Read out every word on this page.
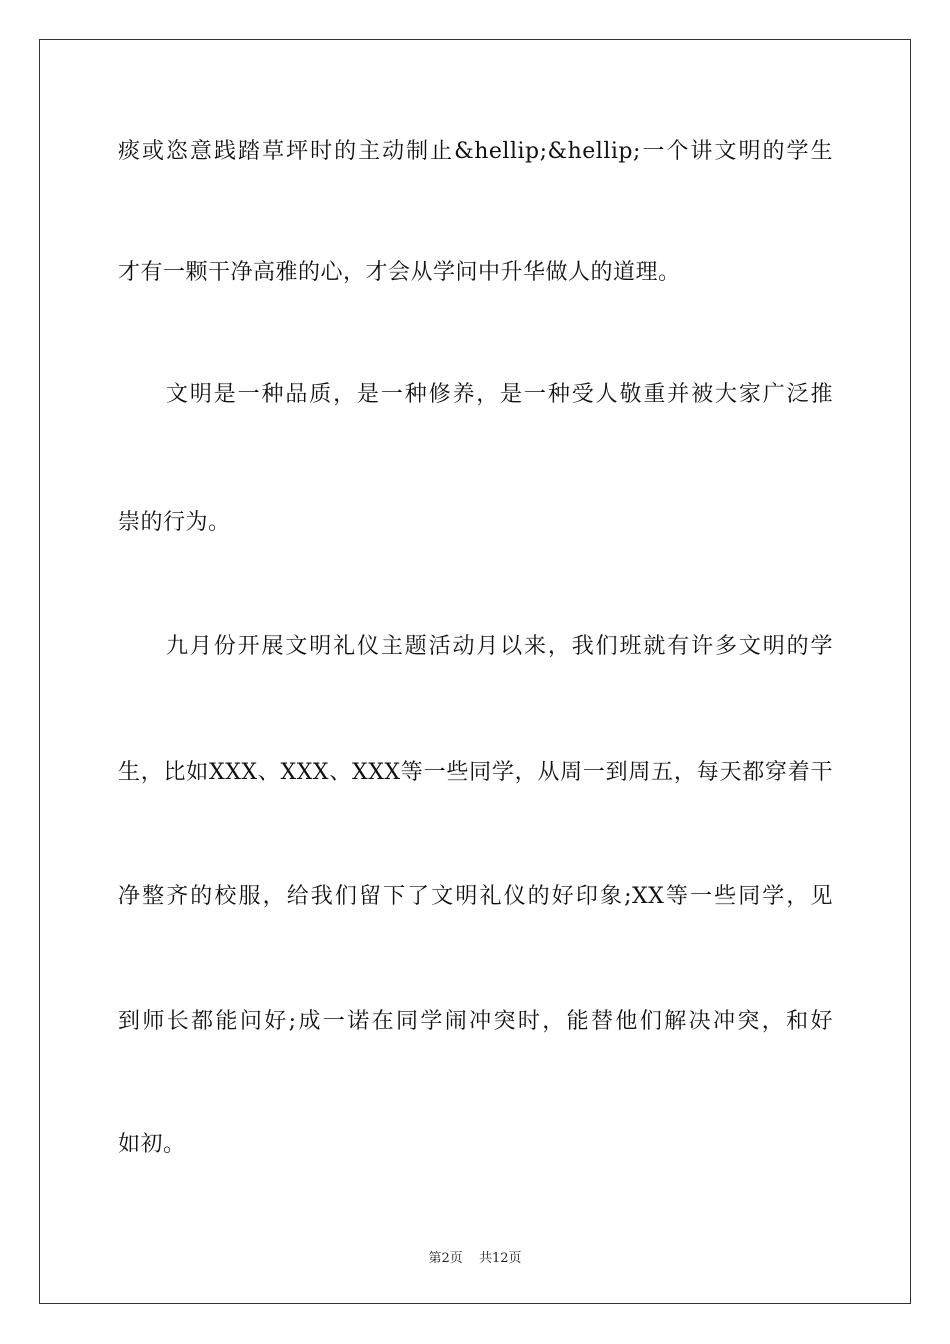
痰或恣意践踏草坪时的主动制止&hellip;&hellip;一个讲文明的学生
才有一颗干净高雅的心，才会从学问中升华做人的道理。
文明是一种品质，是一种修养，是一种受人敬重并被大家广泛推
崇的行为。
九月份开展文明礼仪主题活动月以来，我们班就有许多文明的学
生，比如XXX、XXX、XXX等一些同学，从周一到周五，每天都穿着干
净整齐的校服，给我们留下了文明礼仪的好印象;XX等一些同学，见
到师长都能问好;成一诺在同学闹冲突时，能替他们解决冲突，和好
如初。
第2页 共12页
